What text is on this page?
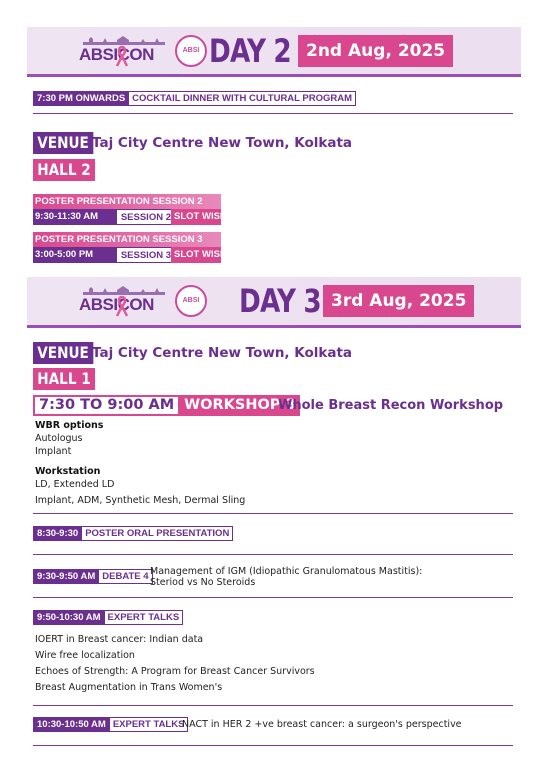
ABSICON	ABSI DAY 2 2nd Aug, 2025
7:30 PM ONWARDS COCKTAIL DINNER WITH CULTURAL PROGRAM
VENUE Taj City Centre New Town, Kolkata
HALL 2
POSTER PRESENTATION SESSION 2
9:30-11:30 AM	SESSION 2 SLOT WISE
POSTER PRESENTATION SESSION 3
3:00-5:00 PM	SESSION 3 SLOT WISE
ABSICON	ABSI DAY 3 3rd Aug, 2025
VENUE Taj City Centre New Town, Kolkata
HALL 1
7:30 TO 9:00 AM WORKSHOP 3
Whole Breast Recon Workshop
WBR options
Autologus
Implant
Workstation
LD, Extended LD
Implant, ADM, Synthetic Mesh, Dermal Sling
8:30-9:30 POSTER ORAL PRESENTATION
9:30-9:50 AM DEBATE 4 Management of IGM (Idiopathic Granulomatous Mastitis):
Steriod vs No Steroids
9:50-10:30 AM EXPERT TALKS
IOERT in Breast cancer: Indian data
Wire free localization
Echoes of Strength: A Program for Breast Cancer Survivors
Breast Augmentation in Trans Women's
10:30-10:50 AM EXPERT TALKS
NACT in HER 2 +ve breast cancer: a surgeon's perspective
